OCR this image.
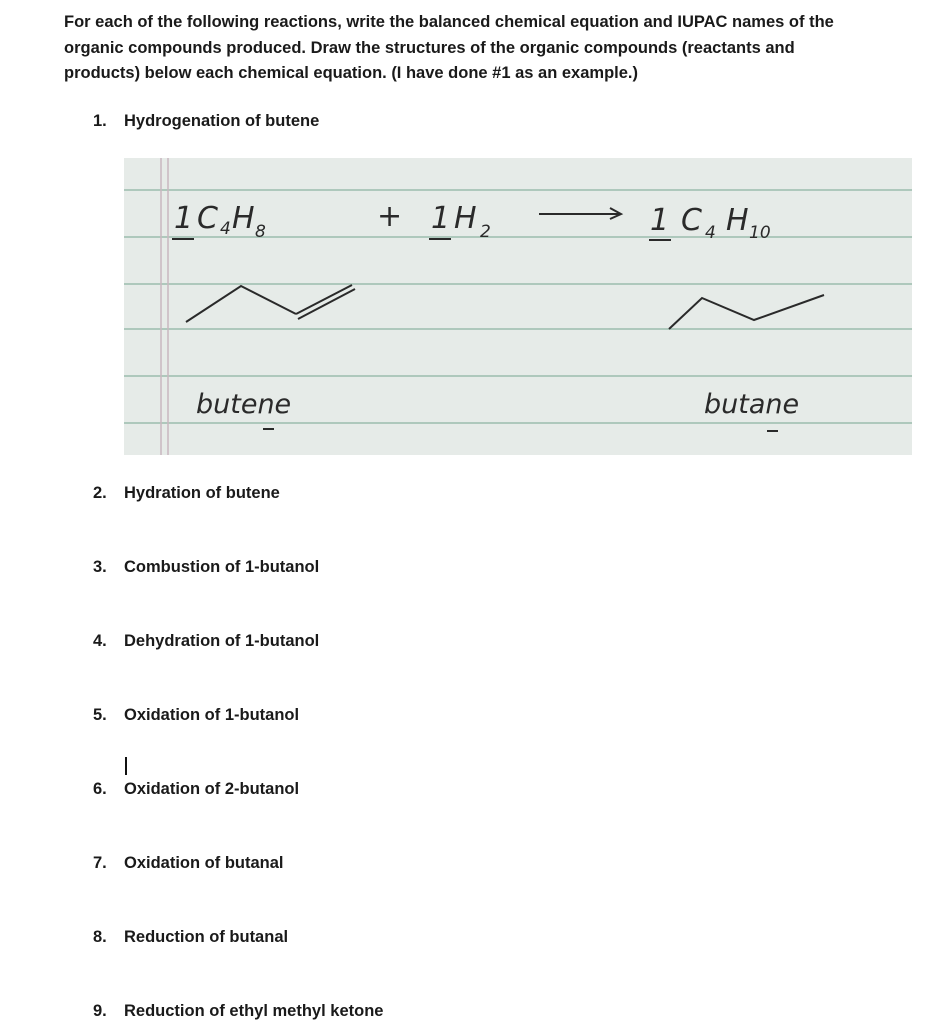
For each of the following reactions, write the balanced chemical equation and IUPAC names of the organic compounds produced. Draw the structures of the organic compounds (reactants and products) below each chemical equation. (I have done #1 as an example.)

1. Hydrogenation of butene
1 C 4 H 8	+ 1 H 2	1 C 4 H 10
butene	butane
2. Hydration of butene
3. Combustion of 1-butanol
4. Dehydration of 1-butanol
5. Oxidation of 1-butanol
6. Oxidation of 2-butanol
7. Oxidation of butanal
8. Reduction of butanal
9. Reduction of ethyl methyl ketone
